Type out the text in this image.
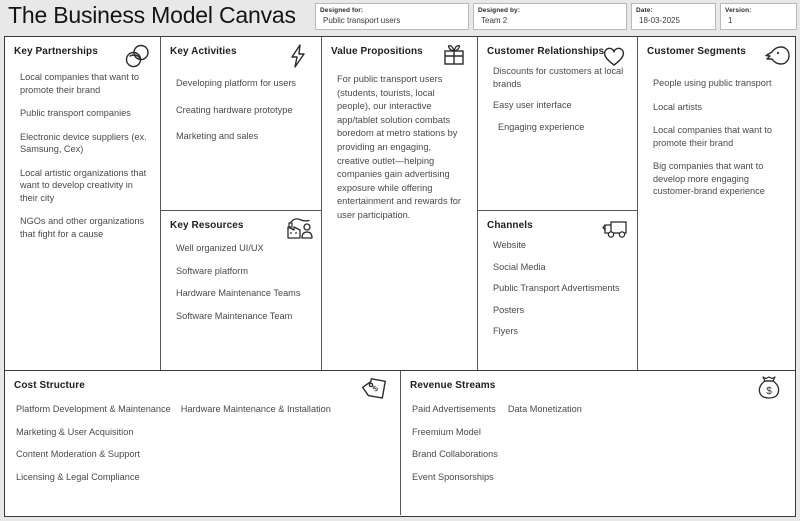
The Business Model Canvas	Designed for:
Public transport users
Designed by:
Team 2
Date:
18-03-2025
Version:
1
Key Partnerships
Local companies that want to promote their brand
Public transport companies
Electronic device suppliers (ex. Samsung, Cex)
Local artistic organizations that want to develop creativity in their city
NGOs and other organizations that fight for a cause
Key Activities
Developing platform for users
Creating hardware prototype
Marketing and sales
Key Resources
Well organized UI/UX
Software platform
Hardware Maintenance Teams
Software Maintenance Team
Value Propositions
For public transport users (students, tourists, local people), our interactive app/tablet solution combats boredom at metro stations by providing an engaging, creative outlet—helping companies gain advertising exposure while offering entertainment and rewards for user participation.
Customer Relationships
Discounts for customers at local brands
Easy user interface
Engaging experience
Channels
Website
Social Media
Public Transport Advertisments
Posters
Flyers
Customer Segments
People using public transport
Local artists
Local companies that want to promote their brand
Big companies that want to develop more engaging customer-brand experience
Cost Structure	$
Platform Development & Maintenance
Marketing & User Acquisition
Content Moderation & Support
Licensing & Legal Compliance
Hardware Maintenance & Installation
Revenue Streams
$
Paid Advertisements
Freemium Model
Brand Collaborations
Event Sponsorships
Data Monetization
